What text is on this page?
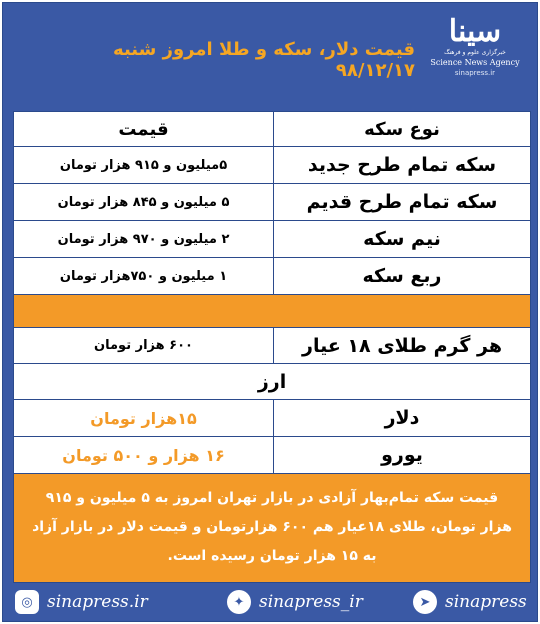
قیمت دلار، سکه و طلا امروز شنبه ۹۸/۱۲/۱۷
سینا
خبرگزاری علوم و فرهنگ
Science News Agency
sinapress.ir
نوع سکه
قیمت
سکه تمام طرح جدید
۵میلیون و ۹۱۵ هزار تومان
سکه تمام طرح قدیم
۵ میلیون و ۸۴۵ هزار تومان
نیم سکه
۲ میلیون و ۹۷۰ هزار تومان
ربع سکه
۱ میلیون و ۷۵۰هزار تومان
هر گرم طلای ۱۸ عیار
۶۰۰ هزار تومان
ارز
دلار
۱۵هزار تومان
یورو
۱۶ هزار و ۵۰۰ تومان
قیمت سکه تمام‌بهار آزادی در بازار تهران امروز به ۵ میلیون و ۹۱۵ هزار تومان، طلای ۱۸عیار هم ۶۰۰ هزارتومان و قیمت دلار در بازار آزاد به ۱۵ هزار تومان رسیده است.
◎ sinapress.ir	✦ sinapress_ir	➤ sinapress
